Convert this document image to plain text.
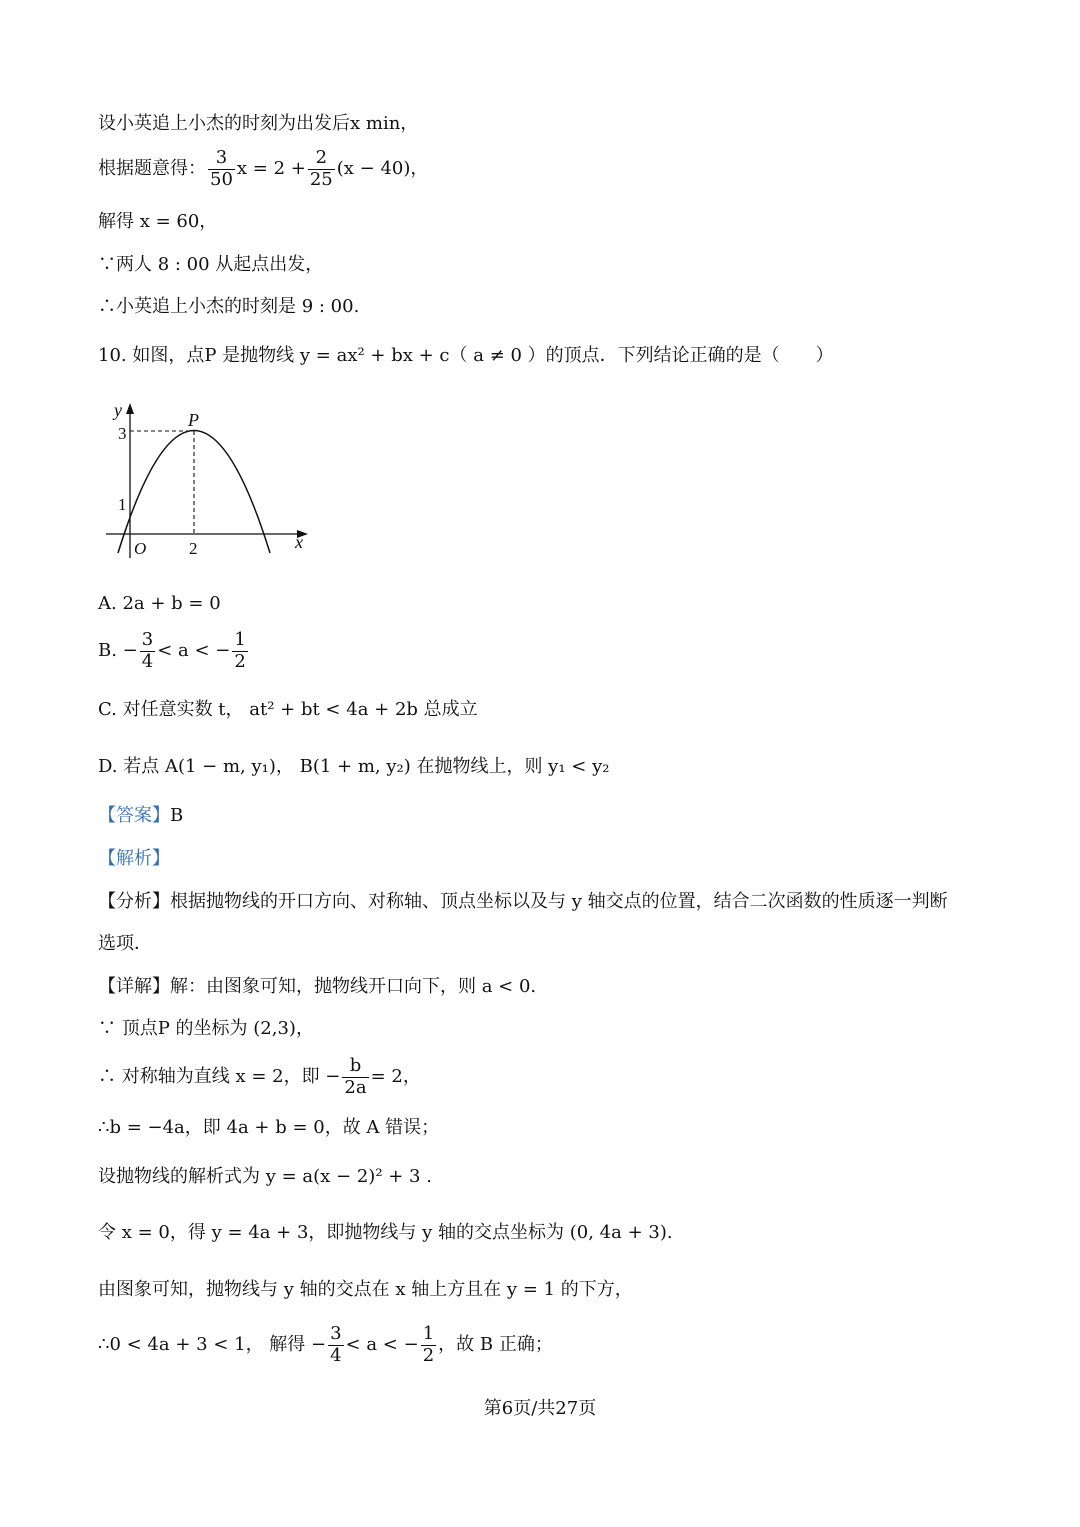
设小英追上小杰的时刻为出发后x min，
根据题意得： $\frac{3}{50}$ $x = 2 + \frac{2}{25} (x - 40)$，
解得 x = 60，
∵两人 8 : 00 从起点出发，
∴小英追上小杰的时刻是 9 : 00.
10. 如图，点P 是抛物线 y = ax² + bx + c（ a ≠ 0 ）的顶点．下列结论正确的是（　　）
y	P
3
1
O	2	x
A. 2a + b = 0
B. − $\frac{3}{4} < a$ < − $\frac{1}{2}$
C. 对任意实数 t， at² + bt < 4a + 2b 总成立
D. 若点 A(1 − m, y₁)， B(1 + m, y₂) 在抛物线上，则 y₁ < y₂
【答案】B
【解析】
【分析】根据抛物线的开口方向、对称轴、顶点坐标以及与 y 轴交点的位置，结合二次函数的性质逐一判断
选项．
【详解】解：由图象可知，抛物线开口向下，则 a < 0.
∵ 顶点P 的坐标为 (2,3)，
∴ 对称轴为直线 x = 2，即 − $\frac{b}{2a} = 2$，
∴b = −4a，即 4a + b = 0，故 A 错误；
设抛物线的解析式为 y = a(x − 2)² + 3 .
令 x = 0，得 y = 4a + 3，即抛物线与 y 轴的交点坐标为 (0, 4a + 3).
由图象可知，抛物线与 y 轴的交点在 x 轴上方且在 y = 1 的下方，
∴0 < 4a + 3 < 1， 解得 − $\frac{3}{4} < a$ < − $\frac{1}{2}$ ，故 B 正确；
第6页/共27页
